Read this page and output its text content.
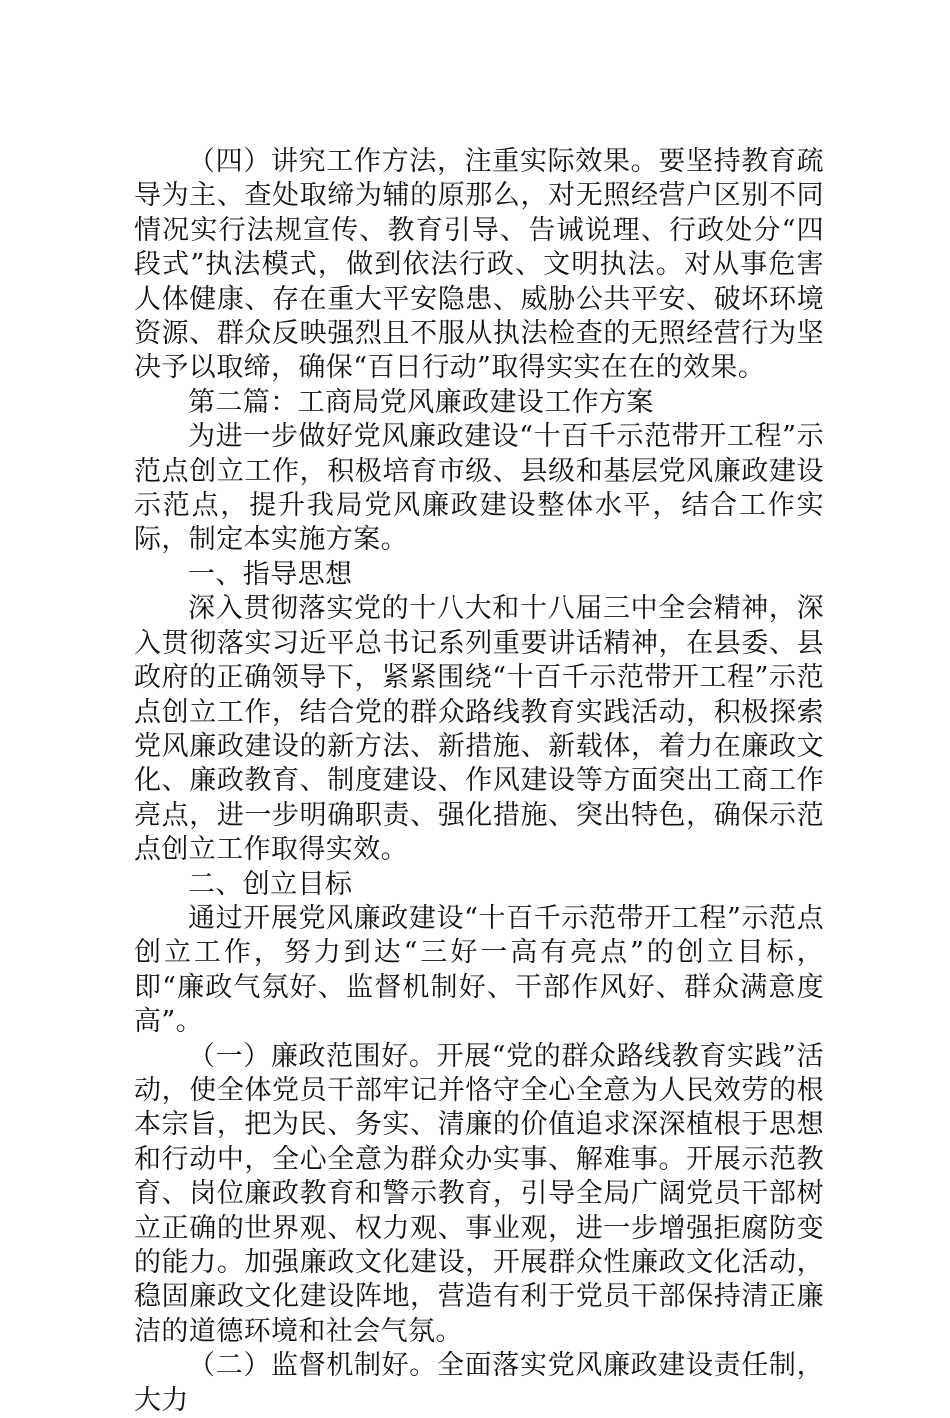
（四）讲究工作方法，注重实际效果。要坚持教育疏导为主、查处取缔为辅的原那么，对无照经营户区别不同情况实行法规宣传、教育引导、告诫说理、行政处分“四段式”执法模式，做到依法行政、文明执法。对从事危害人体健康、存在重大平安隐患、威胁公共平安、破坏环境资源、群众反映强烈且不服从执法检查的无照经营行为坚决予以取缔，确保“百日行动”取得实实在在的效果。

第二篇：工商局党风廉政建设工作方案

为进一步做好党风廉政建设“十百千示范带开工程”示范点创立工作，积极培育市级、县级和基层党风廉政建设示范点，提升我局党风廉政建设整体水平，结合工作实际，制定本实施方案。

一、指导思想

深入贯彻落实党的十八大和十八届三中全会精神，深入贯彻落实习近平总书记系列重要讲话精神，在县委、县政府的正确领导下，紧紧围绕“十百千示范带开工程”示范点创立工作，结合党的群众路线教育实践活动，积极探索党风廉政建设的新方法、新措施、新载体，着力在廉政文化、廉政教育、制度建设、作风建设等方面突出工商工作亮点，进一步明确职责、强化措施、突出特色，确保示范点创立工作取得实效。

二、创立目标

通过开展党风廉政建设“十百千示范带开工程”示范点创立工作，努力到达“三好一高有亮点”的创立目标，即“廉政气氛好、监督机制好、干部作风好、群众满意度高”。

（一）廉政范围好。开展“党的群众路线教育实践”活动，使全体党员干部牢记并恪守全心全意为人民效劳的根本宗旨，把为民、务实、清廉的价值追求深深植根于思想和行动中，全心全意为群众办实事、解难事。开展示范教育、岗位廉政教育和警示教育，引导全局广阔党员干部树立正确的世界观、权力观、事业观，进一步增强拒腐防变的能力。加强廉政文化建设，开展群众性廉政文化活动，稳固廉政文化建设阵地，营造有利于党员干部保持清正廉洁的道德环境和社会气氛。

（二）监督机制好。全面落实党风廉政建设责任制，大力
